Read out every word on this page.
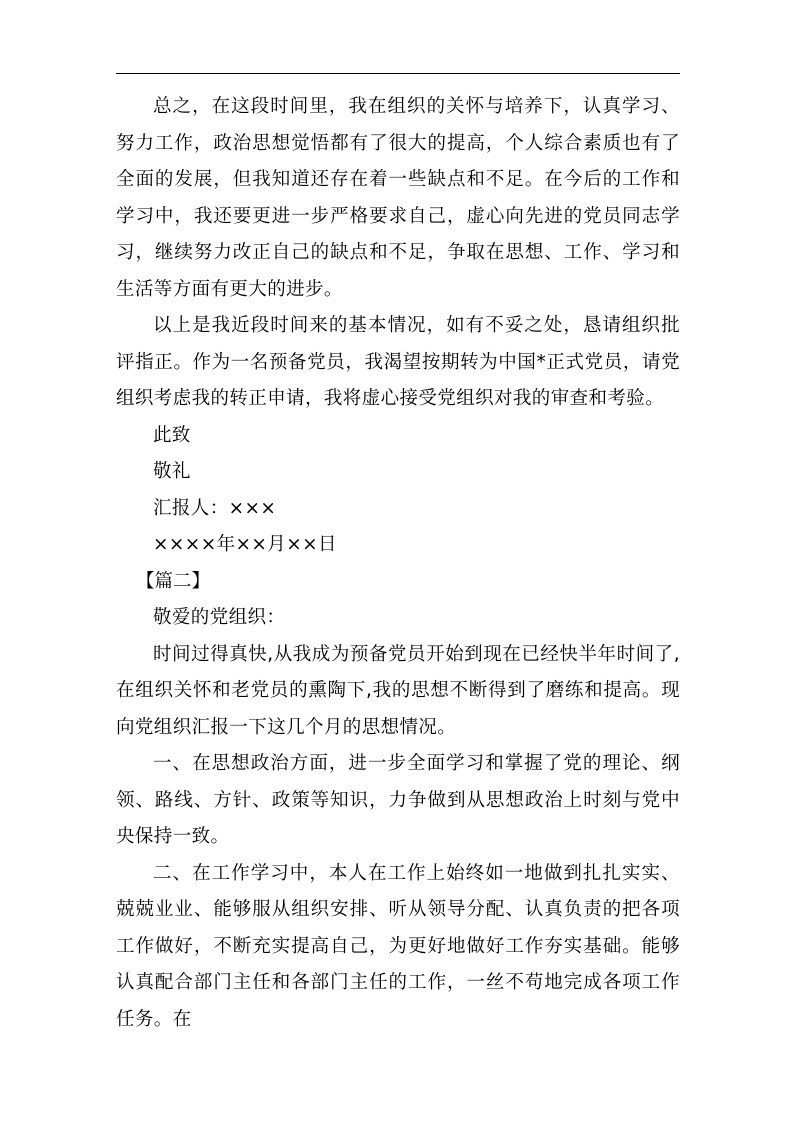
总之，在这段时间里，我在组织的关怀与培养下，认真学习、努力工作，政治思想觉悟都有了很大的提高，个人综合素质也有了全面的发展，但我知道还存在着一些缺点和不足。在今后的工作和学习中，我还要更进一步严格要求自己，虚心向先进的党员同志学习，继续努力改正自己的缺点和不足，争取在思想、工作、学习和生活等方面有更大的进步。

以上是我近段时间来的基本情况，如有不妥之处，恳请组织批评指正。作为一名预备党员，我渴望按期转为中国*正式党员，请党组织考虑我的转正申请，我将虚心接受党组织对我的审查和考验。

此致

敬礼

汇报人：×××

××××年××月××日

【篇二】

敬爱的党组织：

时间过得真快,从我成为预备党员开始到现在已经快半年时间了,在组织关怀和老党员的熏陶下,我的思想不断得到了磨练和提高。现向党组织汇报一下这几个月的思想情况。

一、在思想政治方面，进一步全面学习和掌握了党的理论、纲领、路线、方针、政策等知识，力争做到从思想政治上时刻与党中央保持一致。

二、在工作学习中，本人在工作上始终如一地做到扎扎实实、兢兢业业、能够服从组织安排、听从领导分配、认真负责的把各项工作做好，不断充实提高自己，为更好地做好工作夯实基础。能够认真配合部门主任和各部门主任的工作，一丝不苟地完成各项工作任务。在
